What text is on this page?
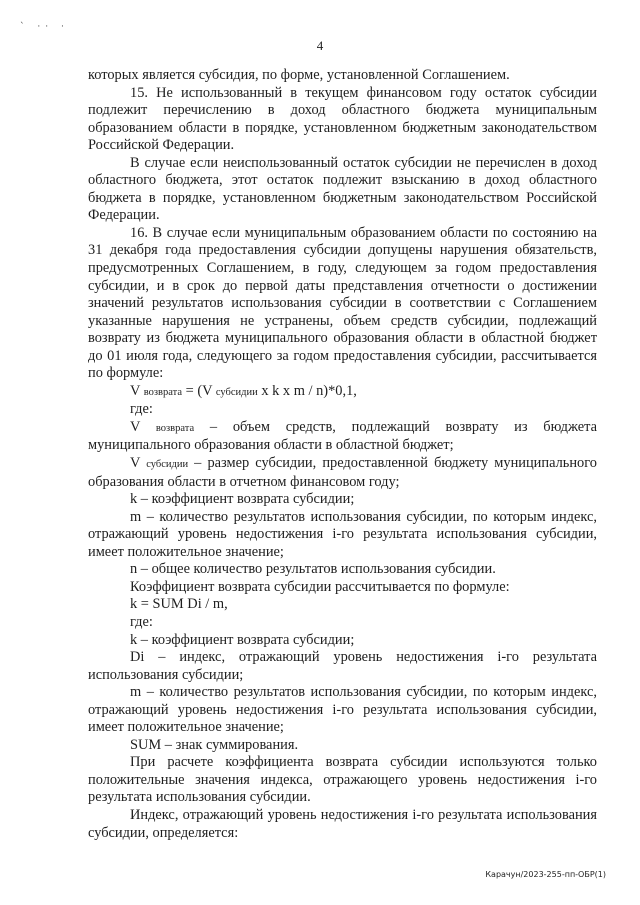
` ·· ·
4

которых является субсидия, по форме, установленной Соглашением.

15. Не использованный в текущем финансовом году остаток субсидии подлежит перечислению в доход областного бюджета муниципальным образованием области в порядке, установленном бюджетным законодательством Российской Федерации.

В случае если неиспользованный остаток субсидии не перечислен в доход областного бюджета, этот остаток подлежит взысканию в доход областного бюджета в порядке, установленном бюджетным законодательством Российской Федерации.

16. В случае если муниципальным образованием области по состоянию на 31 декабря года предоставления субсидии допущены нарушения обязательств, предусмотренных Соглашением, в году, следующем за годом предоставления субсидии, и в срок до первой даты представления отчетности о достижении значений результатов использования субсидии в соответствии с Соглашением указанные нарушения не устранены, объем средств субсидии, подлежащий возврату из бюджета муниципального образования области в областной бюджет до 01 июля года, следующего за годом предоставления субсидии, рассчитывается по формуле:

V возврата = (V субсидии x k x m / n)*0,1,

где:

V возврата – объем средств, подлежащий возврату из бюджета муниципального образования области в областной бюджет;

V субсидии – размер субсидии, предоставленной бюджету муниципального образования области в отчетном финансовом году;

k – коэффициент возврата субсидии;

m – количество результатов использования субсидии, по которым индекс, отражающий уровень недостижения i-го результата использования субсидии, имеет положительное значение;

n – общее количество результатов использования субсидии.

Коэффициент возврата субсидии рассчитывается по формуле:

k = SUM Di / m,

где:

k – коэффициент возврата субсидии;

Di – индекс, отражающий уровень недостижения i-го результата использования субсидии;

m – количество результатов использования субсидии, по которым индекс, отражающий уровень недостижения i-го результата использования субсидии, имеет положительное значение;

SUM – знак суммирования.

При расчете коэффициента возврата субсидии используются только положительные значения индекса, отражающего уровень недостижения i-го результата использования субсидии.

Индекс, отражающий уровень недостижения i-го результата использования субсидии, определяется:

Карачун/2023-255-пп-ОБР(1)
